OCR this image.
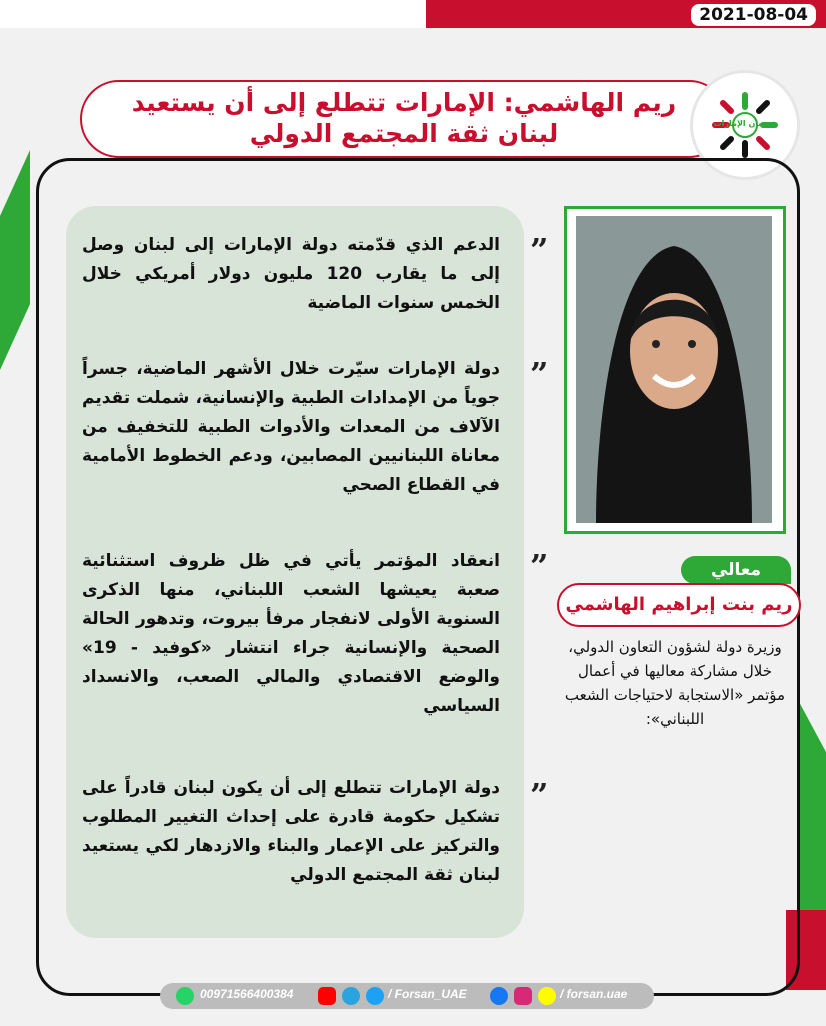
2021-08-04
ريم الهاشمي: الإمارات تتطلع إلى أن يستعيد
لبنان ثقة المجتمع الدولي	فرسان الإمارات
”
الدعم الذي قدّمته دولة الإمارات إلى لبنان وصل إلى ما يقارب 120 مليون دولار أمريكي خلال الخمس سنوات الماضية
”
دولة الإمارات سيّرت خلال الأشهر الماضية، جسراً جوياً من الإمدادات الطبية والإنسانية، شملت تقديم الآلاف من المعدات والأدوات الطبية للتخفيف من معاناة اللبنانيين المصابين، ودعم الخطوط الأمامية في القطاع الصحي
”
انعقاد المؤتمر يأتي في ظل ظروف استثنائية صعبة يعيشها الشعب اللبناني، منها الذكرى السنوية الأولى لانفجار مرفأ بيروت، وتدهور الحالة الصحية والإنسانية جراء انتشار «كوفيد - 19» والوضع الاقتصادي والمالي الصعب، والانسداد السياسي
”
دولة الإمارات تتطلع إلى أن يكون لبنان قادراً على تشكيل حكومة قادرة على إحداث التغيير المطلوب والتركيز على الإعمار والبناء والازدهار لكي يستعيد لبنان ثقة المجتمع الدولي
معالي
ريم بنت إبراهيم الهاشمي
وزيرة دولة لشؤون التعاون الدولي، خلال مشاركة معاليها في أعمال مؤتمر «الاستجابة لاحتياجات الشعب اللبناني»:
00971566400384	/ Forsan_UAE	/ forsan.uae
